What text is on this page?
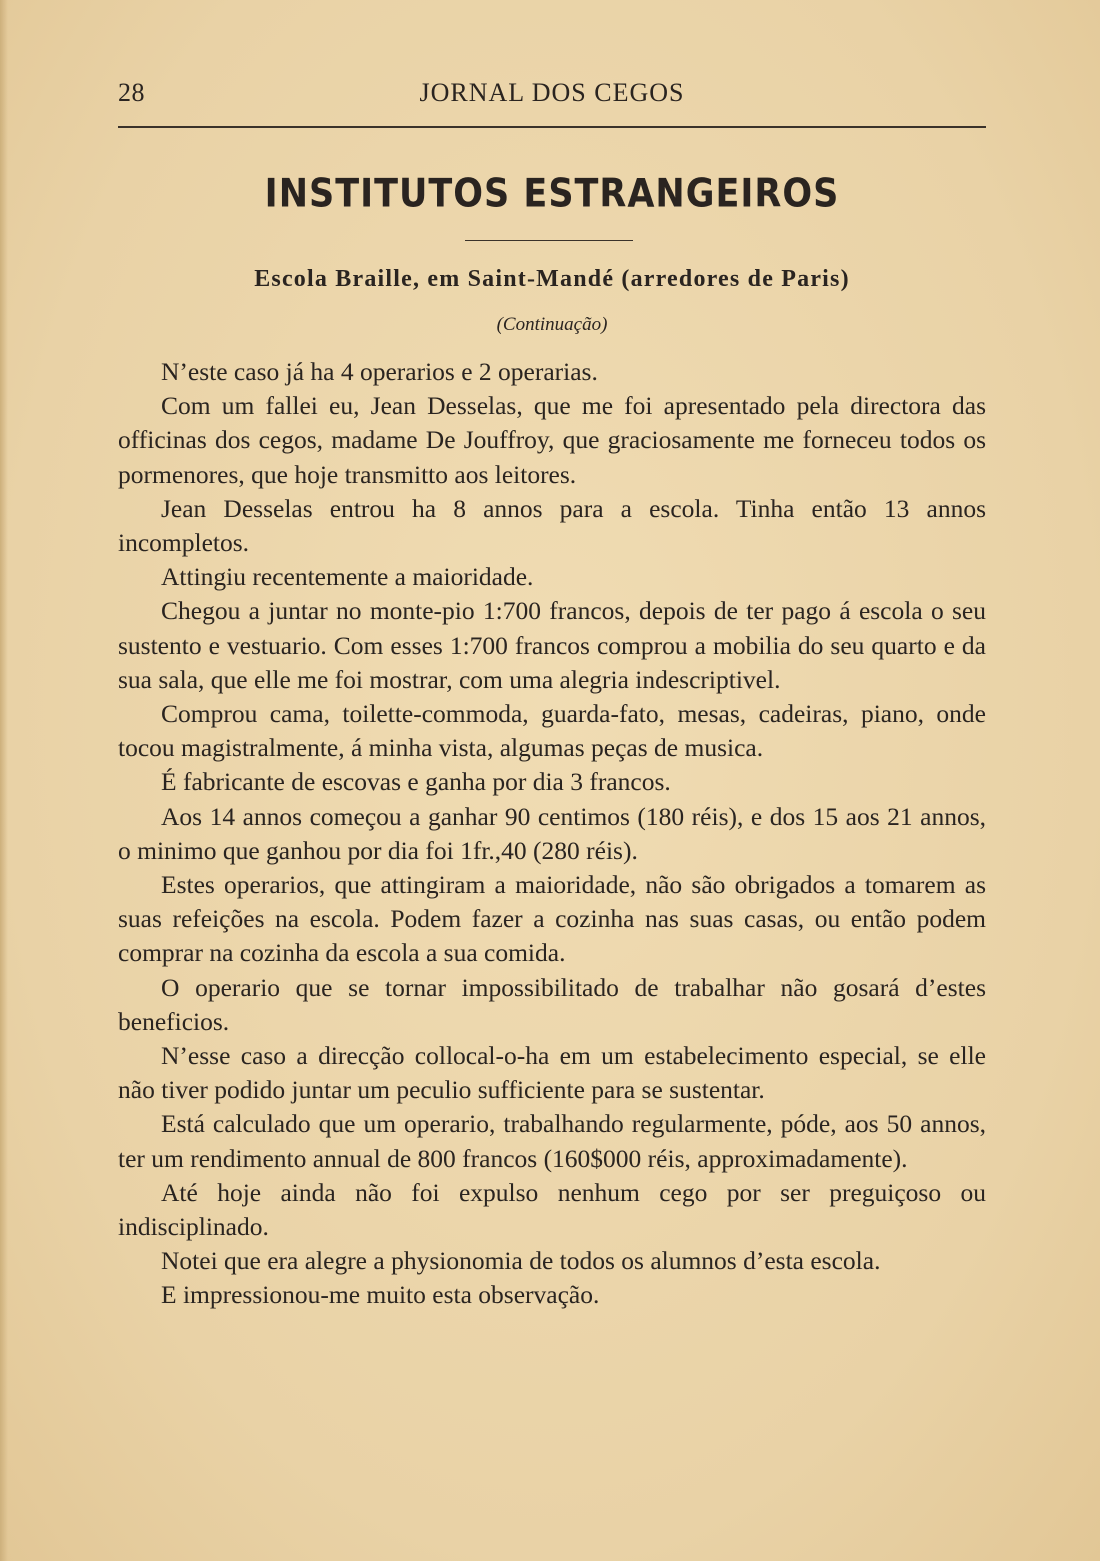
28	JORNAL DOS CEGOS
INSTITUTOS ESTRANGEIROS
Escola Braille, em Saint-Mandé (arredores de Paris)
(Continuação)

N’este caso já ha 4 operarios e 2 operarias.

Com um fallei eu, Jean Desselas, que me foi apresentado pela directora das officinas dos cegos, madame De Jouffroy, que graciosamente me forneceu todos os pormenores, que hoje transmitto aos leitores.

Jean Desselas entrou ha 8 annos para a escola. Tinha então 13 annos incompletos.

Attingiu recentemente a maioridade.

Chegou a juntar no monte-pio 1:700 francos, depois de ter pago á escola o seu sustento e vestuario. Com esses 1:700 francos comprou a mobilia do seu quarto e da sua sala, que elle me foi mostrar, com uma alegria indescriptivel.

Comprou cama, toilette-commoda, guarda-fato, mesas, cadeiras, piano, onde tocou magistralmente, á minha vista, algumas peças de musica.

É fabricante de escovas e ganha por dia 3 francos.

Aos 14 annos começou a ganhar 90 centimos (180 réis), e dos 15 aos 21 annos, o minimo que ganhou por dia foi 1fr.,40 (280 réis).

Estes operarios, que attingiram a maioridade, não são obrigados a tomarem as suas refeições na escola. Podem fazer a cozinha nas suas casas, ou então podem comprar na cozinha da escola a sua comida.

O operario que se tornar impossibilitado de trabalhar não gosará d’estes beneficios.

N’esse caso a direcção collocal-o-ha em um estabelecimento especial, se elle não tiver podido juntar um peculio sufficiente para se sustentar.

Está calculado que um operario, trabalhando regularmente, póde, aos 50 annos, ter um rendimento annual de 800 francos (160$000 réis, approximadamente).

Até hoje ainda não foi expulso nenhum cego por ser preguiçoso ou indisciplinado.

Notei que era alegre a physionomia de todos os alumnos d’esta escola.

E impressionou-me muito esta observação.
